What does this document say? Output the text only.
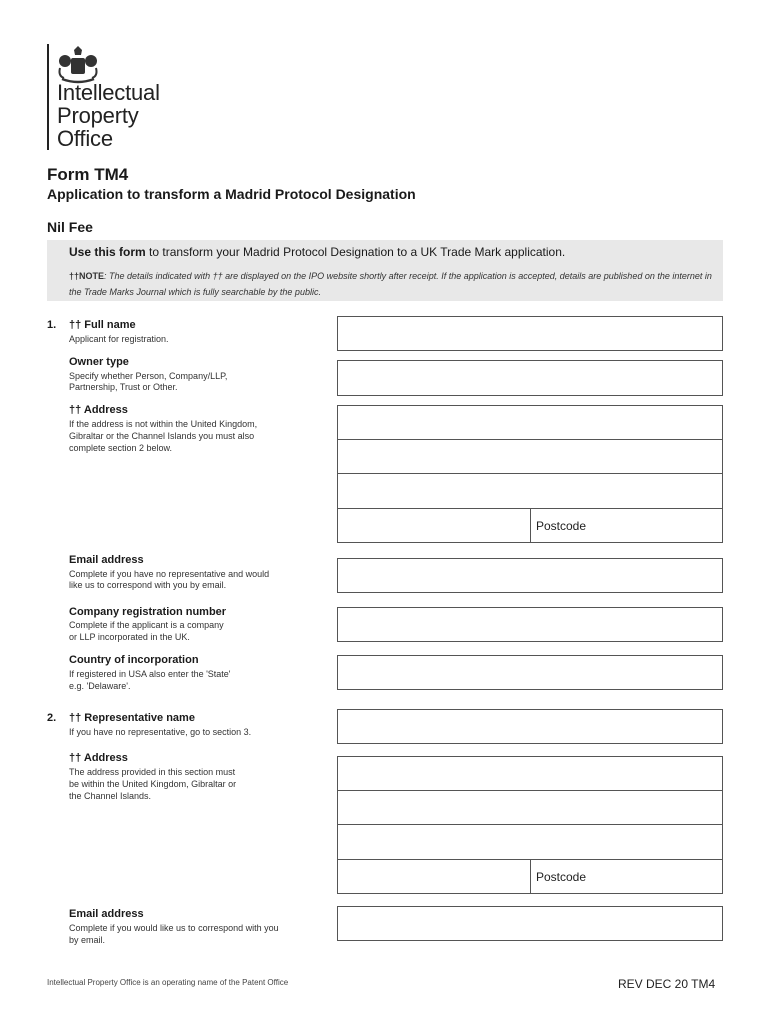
Intellectual
Property
Office
Form TM4
Application to transform a Madrid Protocol Designation
Nil Fee
Use this form to transform your Madrid Protocol Designation to a UK Trade Mark application.
††NOTE: The details indicated with †† are displayed on the IPO website shortly after receipt. If the application is accepted, details are published on the internet in the Trade Marks Journal which is fully searchable by the public.
1. †† Full name
Applicant for registration.
Owner type
Specify whether Person, Company/LLP,
Partnership, Trust or Other.
†† Address
If the address is not within the United Kingdom,
Gibraltar or the Channel Islands you must also
complete section 2 below.
Postcode
Email address
Complete if you have no representative and would
like us to correspond with you by email.
Company registration number
Complete if the applicant is a company
or LLP incorporated in the UK.
Country of incorporation
If registered in USA also enter the 'State'
e.g. 'Delaware'.
2. †† Representative name
If you have no representative, go to section 3.
†† Address
The address provided in this section must
be within the United Kingdom, Gibraltar or
the Channel Islands.
Postcode
Email address
Complete if you would like us to correspond with you
by email.
Intellectual Property Office is an operating name of the Patent Office	REV DEC 20 TM4
